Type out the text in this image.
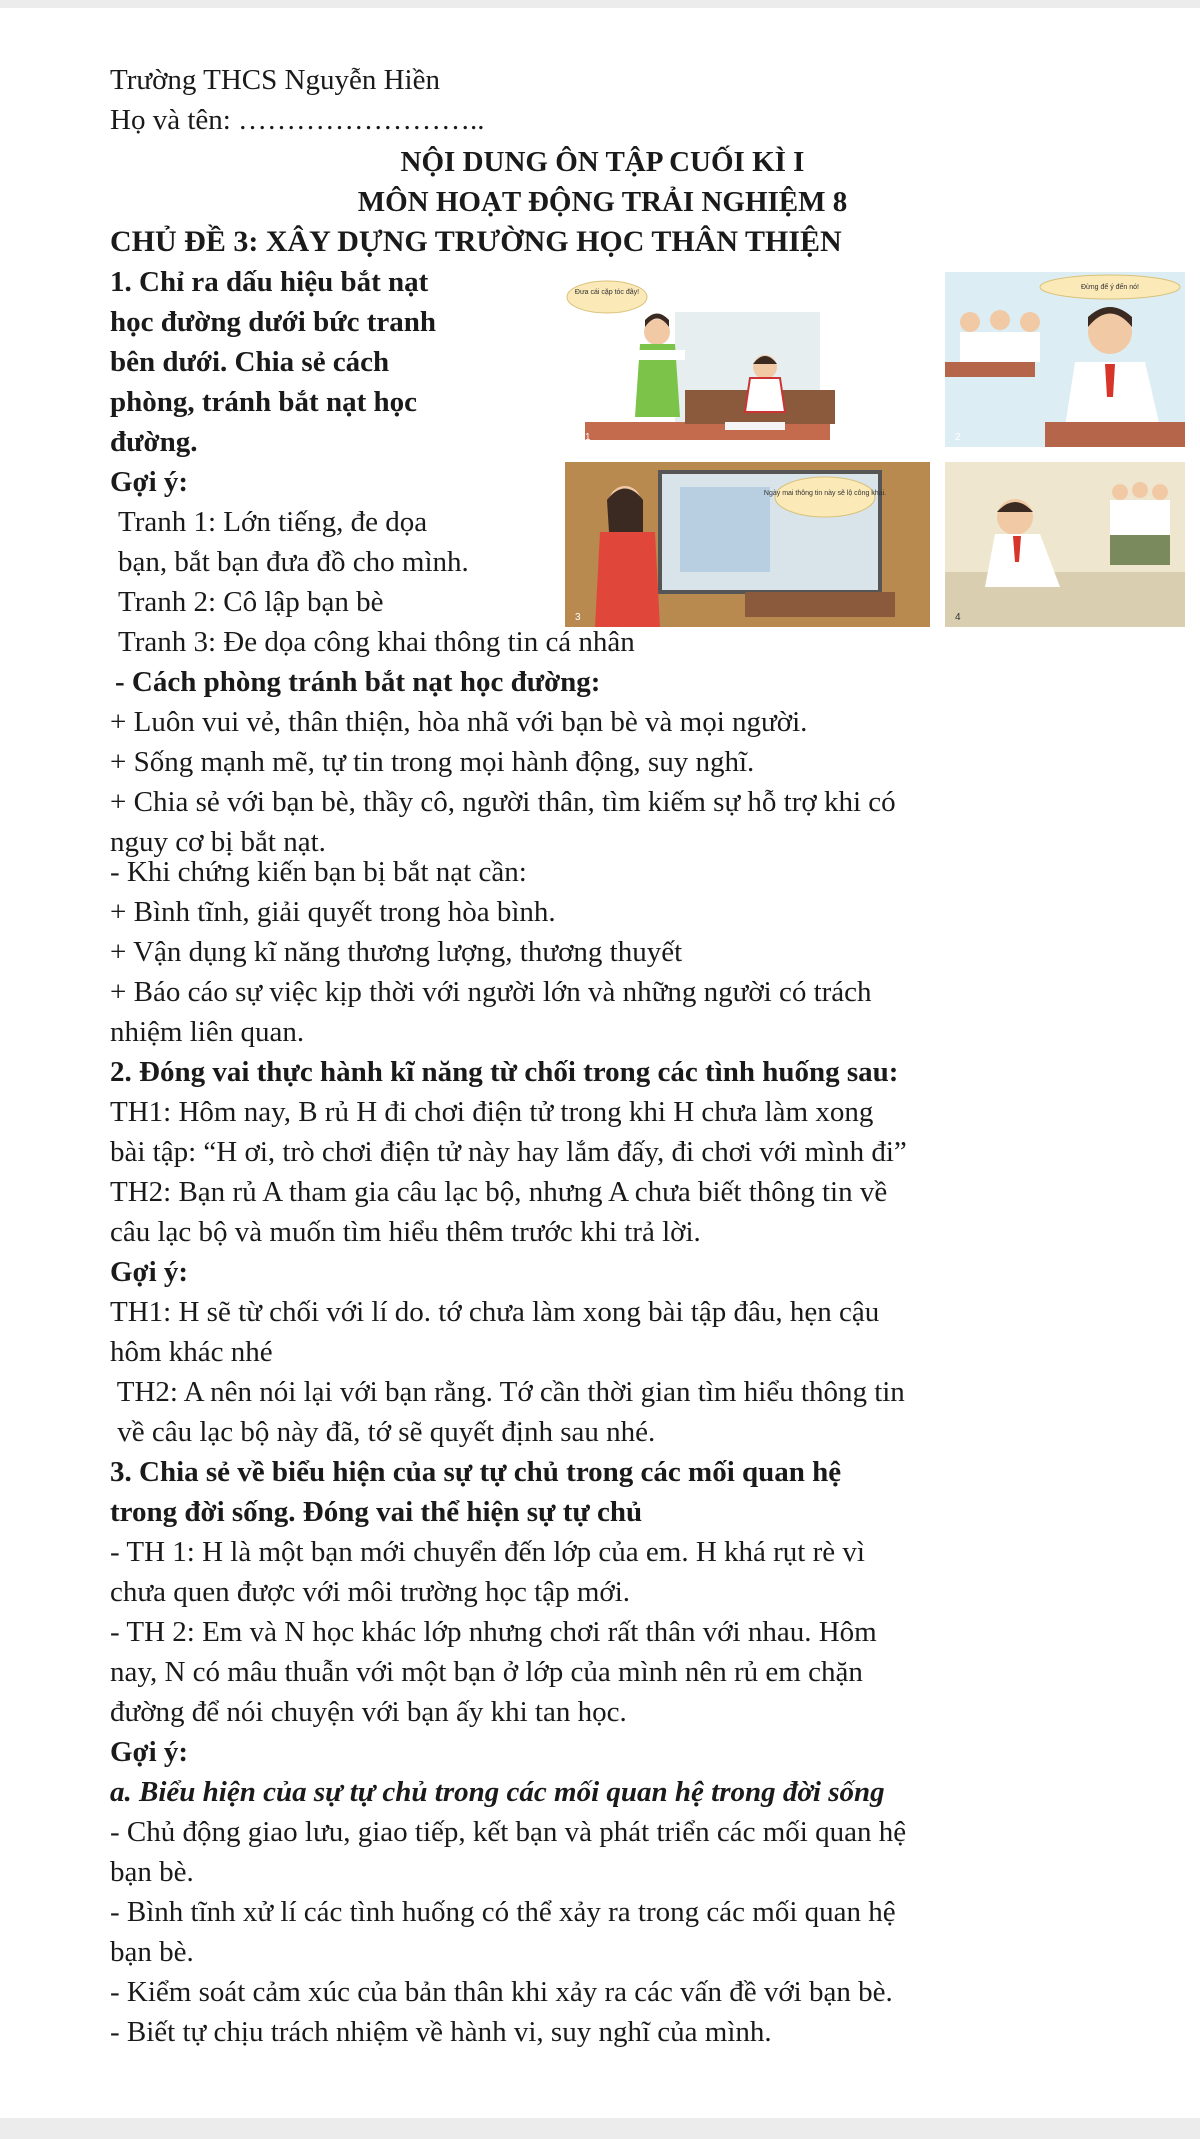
Trường THCS Nguyễn Hiền
Họ và tên: ……………………..
NỘI DUNG ÔN TẬP CUỐI KÌ I
MÔN HOẠT ĐỘNG TRẢI NGHIỆM 8
CHỦ ĐỀ 3: XÂY DỰNG TRƯỜNG HỌC THÂN THIỆN
1. Chỉ ra dấu hiệu bắt nạt
học đường dưới bức tranh
bên dưới. Chia sẻ cách
phòng, tránh bắt nạt học
đường.
Gợi ý:
Tranh 1: Lớn tiếng, đe dọa
bạn, bắt bạn đưa đồ cho mình.
Tranh 2: Cô lập bạn bè
Đưa cái cặp tóc đây!
1
Đừng để ý đến nó!
2
Ngày mai thông tin này sẽ lộ công khai.
3	4
Tranh 3: Đe dọa công khai thông tin cá nhân
- Cách phòng tránh bắt nạt học đường:
+ Luôn vui vẻ, thân thiện, hòa nhã với bạn bè và mọi người.
+ Sống mạnh mẽ, tự tin trong mọi hành động, suy nghĩ.
+ Chia sẻ với bạn bè, thầy cô, người thân, tìm kiếm sự hỗ trợ khi có
nguy cơ bị bắt nạt.
- Khi chứng kiến bạn bị bắt nạt cần:
+ Bình tĩnh, giải quyết trong hòa bình.
+ Vận dụng kĩ năng thương lượng, thương thuyết
+ Báo cáo sự việc kịp thời với người lớn và những người có trách
nhiệm liên quan.
2. Đóng vai thực hành kĩ năng từ chối trong các tình huống sau:
TH1: Hôm nay, B rủ H đi chơi điện tử trong khi H chưa làm xong
bài tập: “H ơi, trò chơi điện tử này hay lắm đấy, đi chơi với mình đi”
TH2: Bạn rủ A tham gia câu lạc bộ, nhưng A chưa biết thông tin về
câu lạc bộ và muốn tìm hiểu thêm trước khi trả lời.
Gợi ý:
TH1: H sẽ từ chối với lí do. tớ chưa làm xong bài tập đâu, hẹn cậu
hôm khác nhé
TH2: A nên nói lại với bạn rằng. Tớ cần thời gian tìm hiểu thông tin
về câu lạc bộ này đã, tớ sẽ quyết định sau nhé.
3. Chia sẻ về biểu hiện của sự tự chủ trong các mối quan hệ
trong đời sống. Đóng vai thể hiện sự tự chủ
- TH 1: H là một bạn mới chuyển đến lớp của em. H khá rụt rè vì
chưa quen được với môi trường học tập mới.
- TH 2: Em và N học khác lớp nhưng chơi rất thân với nhau. Hôm
nay, N có mâu thuẫn với một bạn ở lớp của mình nên rủ em chặn
đường để nói chuyện với bạn ấy khi tan học.
Gợi ý:
a. Biểu hiện của sự tự chủ trong các mối quan hệ trong đời sống
- Chủ động giao lưu, giao tiếp, kết bạn và phát triển các mối quan hệ
bạn bè.
- Bình tĩnh xử lí các tình huống có thể xảy ra trong các mối quan hệ
bạn bè.
- Kiểm soát cảm xúc của bản thân khi xảy ra các vấn đề với bạn bè.
- Biết tự chịu trách nhiệm về hành vi, suy nghĩ của mình.
